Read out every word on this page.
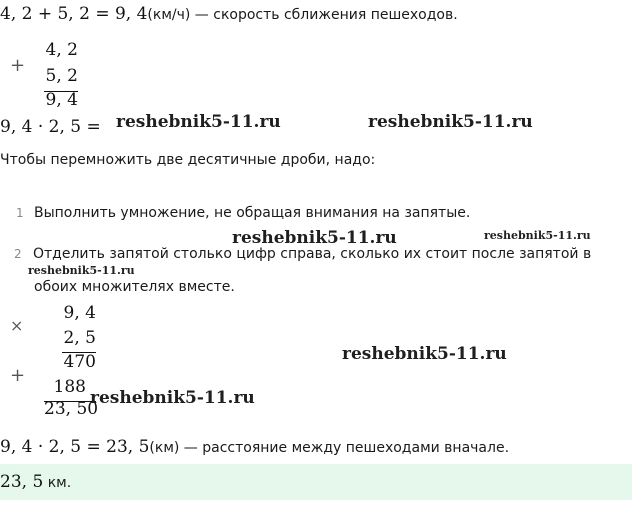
4, 2 + 5, 2 = 9, 4(км/ч) — скорость сближения пешеходов.
+
4, 2
5, 2
9, 4
9, 4 · 2, 5 = reshebnik5-11.ru	reshebnik5-11.ru
Чтобы перемножить две десятичные дроби, надо:
1 Выполнить умножение, не обращая внимания на запятые.
2 Отделить запятой столько цифр справа, сколько их стоит после запятой в
обоих множителях вместе.
reshebnik5-11.ru	reshebnik5-11.ru
reshebnik5-11.ru
×
9, 4
2, 5
470
+
188
23, 50
reshebnik5-11.ru
reshebnik5-11.ru
9, 4 · 2, 5 = 23, 5(км) — расстояние между пешеходами вначале.
23, 5 км.
